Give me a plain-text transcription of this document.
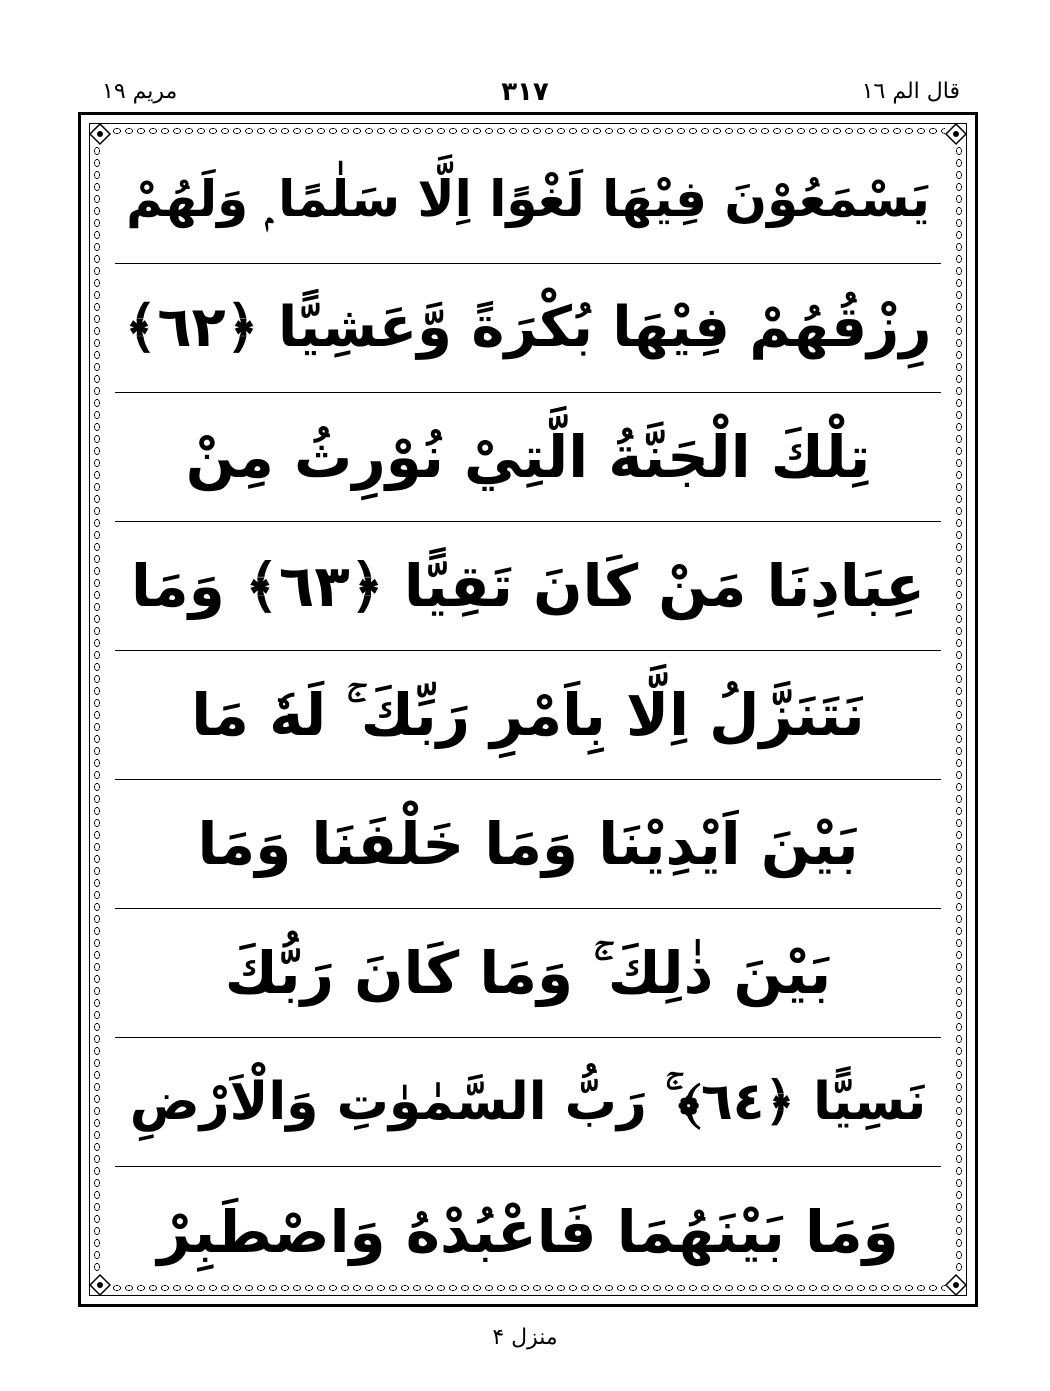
قال الم ١٦
٣١٧
مريم ١٩
يَسْمَعُوْنَ فِيْهَا لَغْوًا اِلَّا سَلٰمًا ۭ وَلَهُمْ
رِزْقُهُمْ فِيْهَا بُكْرَةً وَّعَشِيًّا ﴿٦٢﴾
تِلْكَ الْجَنَّةُ الَّتِيْ نُوْرِثُ مِنْ
عِبَادِنَا مَنْ كَانَ تَقِيًّا ﴿٦٣﴾ وَمَا
نَتَنَزَّلُ اِلَّا بِاَمْرِ رَبِّكَ ۚ لَهٗ مَا
بَيْنَ اَيْدِيْنَا وَمَا خَلْفَنَا وَمَا
بَيْنَ ذٰلِكَ ۚ وَمَا كَانَ رَبُّكَ
نَسِيًّا ﴿٦٤﴾ ۚ رَبُّ السَّمٰوٰتِ وَالْاَرْضِ
وَمَا بَيْنَهُمَا فَاعْبُدْهُ وَاصْطَبِرْ
منزل ۴
